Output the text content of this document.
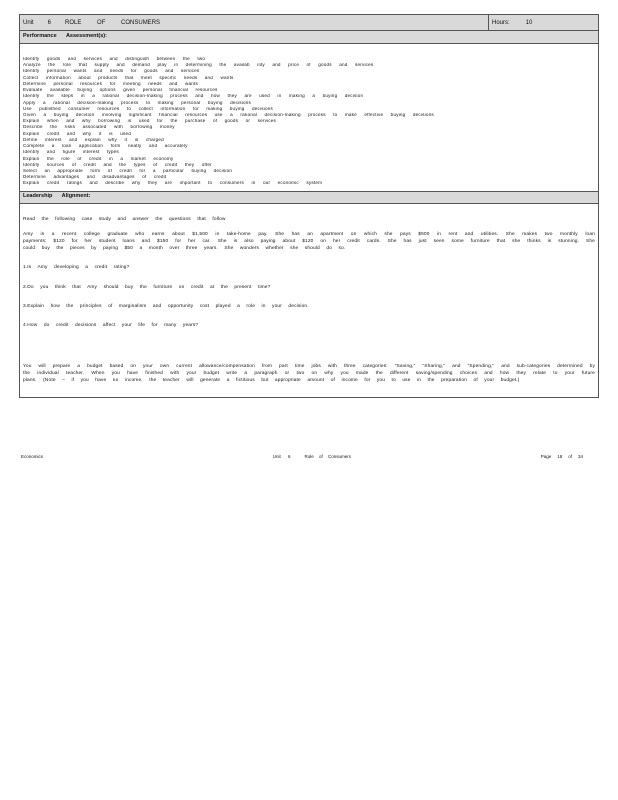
Unit 6 ROLE OF CONSUMERS	Hours:	10
Performance Assessment(s):
Identify goods and services and distinguish between the two
Analyze the role that supply and demand play in determining the availab ility and price of goods and services
Identify personal wants and needs for goods and services
Collect information about products that meet specific needs and wants
Determine personal resources for meeting needs and wants
Evaluate available buying options given personal financial resources
Identify the steps in a rational decision-making process and how they are used in making a buying decision
Apply a rational decision-making process to making personal buying decisions
Use published consumer resources to collect information for making buying decisions
Given a buying decision involving significant financial resources use a rational decision-making process to make effective buying decisions
Explain when and why borrowing is used for the purchase of goods or services
Describe the risks associated with borrowing money
Explain credit and why it is used
Define interest and explain why it is charged
Complete a loan application form neatly and accurately
Identify and figure interest types
Explain the role of credit in a market economy
Identify sources of credit and the types of credit they offer
Select an appropriate form of credit for a particular buying decision
Determine advantages and disadvantages of credit
Explain credit ratings and describe why they are important to consumers in our economic system
Leadership Alignment:

Read the following case study and answer the questions that follow

Amy is a recent college graduate who earns about $1,500 in take-home pay. She has an apartment on which she pays $500 in rent and utilities. She makes two monthly loan payments: $120 for her student loans and $150 for her car. She is also paying about $120 on her credit cards. She has just seen some furniture that she thinks is stunning. She could buy the pieces by paying $50 a month over three years. She wonders whether she should do so.

1.Is Amy developing a credit rating?

2.Do you think that Amy should buy the furniture on credit at the present time?

3.Explain how the principles of marginalism and opportunity cost played a role in your decision.

4.How do credit decisions affect your life for many years?

You will prepare a budget based on your own current allowance/compensation from part time jobs with three categories: "Saving," "Sharing," and "Spending," and sub-categories determined by the individual teacher. When you have finished with your budget write a paragraph or two on why you made the different saving/spending choices and how they relate to your future plans. (Note – if you have no income, the teacher will generate a fictitious but appropriate amount of income for you to use in the preparation of your budget.)

Economics	Unit 6	Role of Consumers	Page 18 of 34
